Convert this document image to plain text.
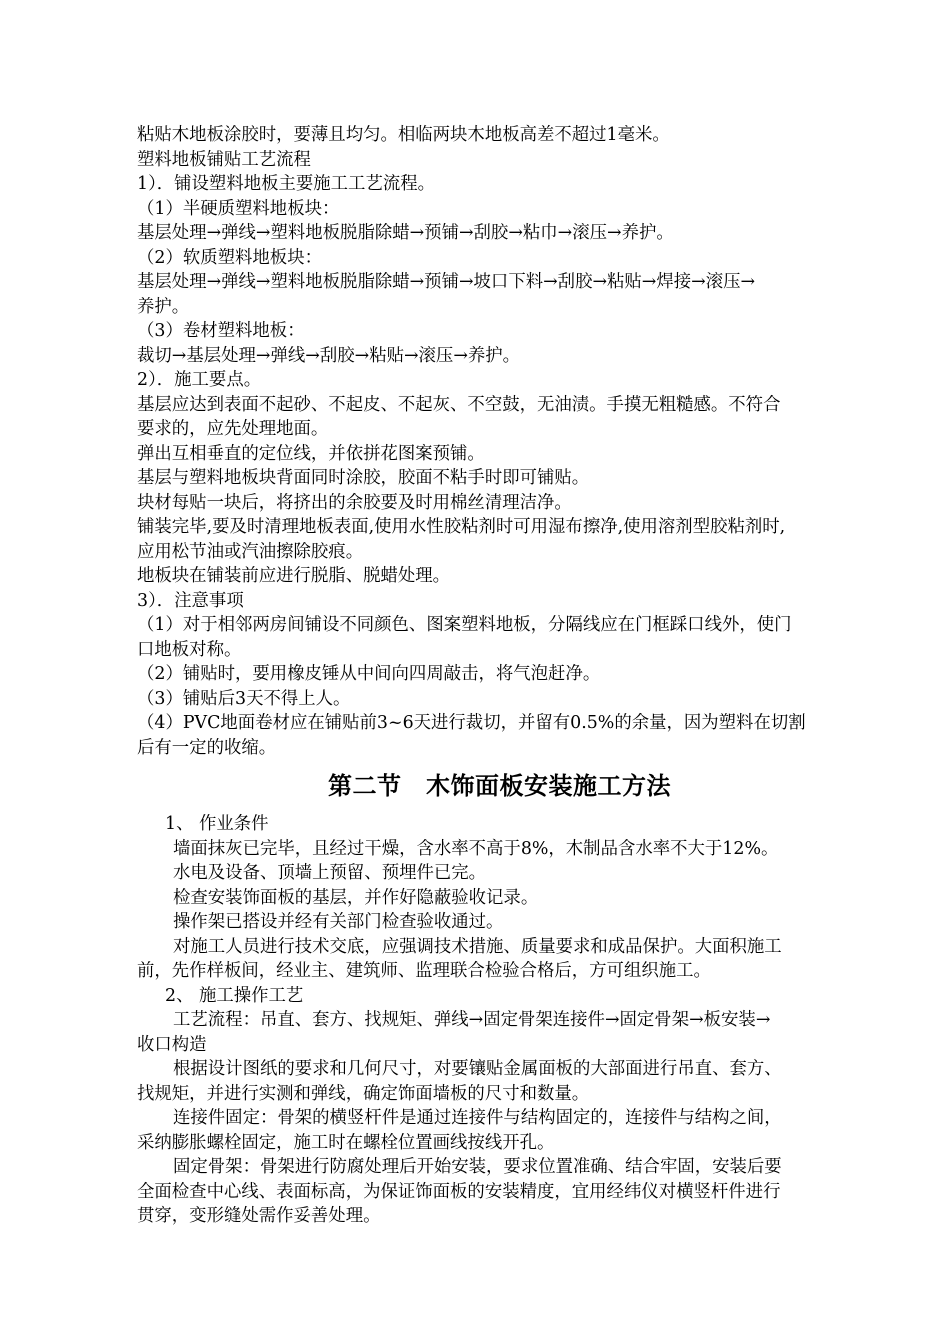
粘贴木地板涂胶时，要薄且均匀。相临两块木地板高差不超过1毫米。

塑料地板铺贴工艺流程

1）．铺设塑料地板主要施工工艺流程。

（1）半硬质塑料地板块：

基层处理→弹线→塑料地板脱脂除蜡→预铺→刮胶→粘巾→滚压→养护。

（2）软质塑料地板块：

基层处理→弹线→塑料地板脱脂除蜡→预铺→坡口下料→刮胶→粘贴→焊接→滚压→

养护。

（3）卷材塑料地板：

裁切→基层处理→弹线→刮胶→粘贴→滚压→养护。

2）．施工要点。

基层应达到表面不起砂、不起皮、不起灰、不空鼓，无油渍。手摸无粗糙感。不符合

要求的，应先处理地面。

弹出互相垂直的定位线，并依拼花图案预铺。

基层与塑料地板块背面同时涂胶，胶面不粘手时即可铺贴。

块材每贴一块后，将挤出的余胶要及时用棉丝清理洁净。

铺装完毕,要及时清理地板表面,使用水性胶粘剂时可用湿布擦净,使用溶剂型胶粘剂时,

应用松节油或汽油擦除胶痕。

地板块在铺装前应进行脱脂、脱蜡处理。

3）．注意事项

（1）对于相邻两房间铺设不同颜色、图案塑料地板，分隔线应在门框踩口线外，使门

口地板对称。

（2）铺贴时，要用橡皮锤从中间向四周敲击，将气泡赶净。

（3）铺贴后3天不得上人。

（4）PVC地面卷材应在铺贴前3~6天进行裁切，并留有0.5%的余量，因为塑料在切割

后有一定的收缩。

第二节　木饰面板安装施工方法

1、 作业条件

墙面抹灰已完毕，且经过干燥，含水率不高于8%，木制品含水率不大于12%。

水电及设备、顶墙上预留、预埋件已完。

检查安装饰面板的基层，并作好隐蔽验收记录。

操作架已搭设并经有关部门检查验收通过。

对施工人员进行技术交底，应强调技术措施、质量要求和成品保护。大面积施工

前，先作样板间，经业主、建筑师、监理联合检验合格后，方可组织施工。

2、 施工操作工艺

工艺流程：吊直、套方、找规矩、弹线→固定骨架连接件→固定骨架→板安装→

收口构造

根据设计图纸的要求和几何尺寸，对要镶贴金属面板的大部面进行吊直、套方、

找规矩，并进行实测和弹线，确定饰面墙板的尺寸和数量。

连接件固定：骨架的横竖杆件是通过连接件与结构固定的，连接件与结构之间，

采纳膨胀螺栓固定，施工时在螺栓位置画线按线开孔。

固定骨架：骨架进行防腐处理后开始安装，要求位置准确、结合牢固，安装后要

全面检查中心线、表面标高，为保证饰面板的安装精度，宜用经纬仪对横竖杆件进行

贯穿，变形缝处需作妥善处理。
